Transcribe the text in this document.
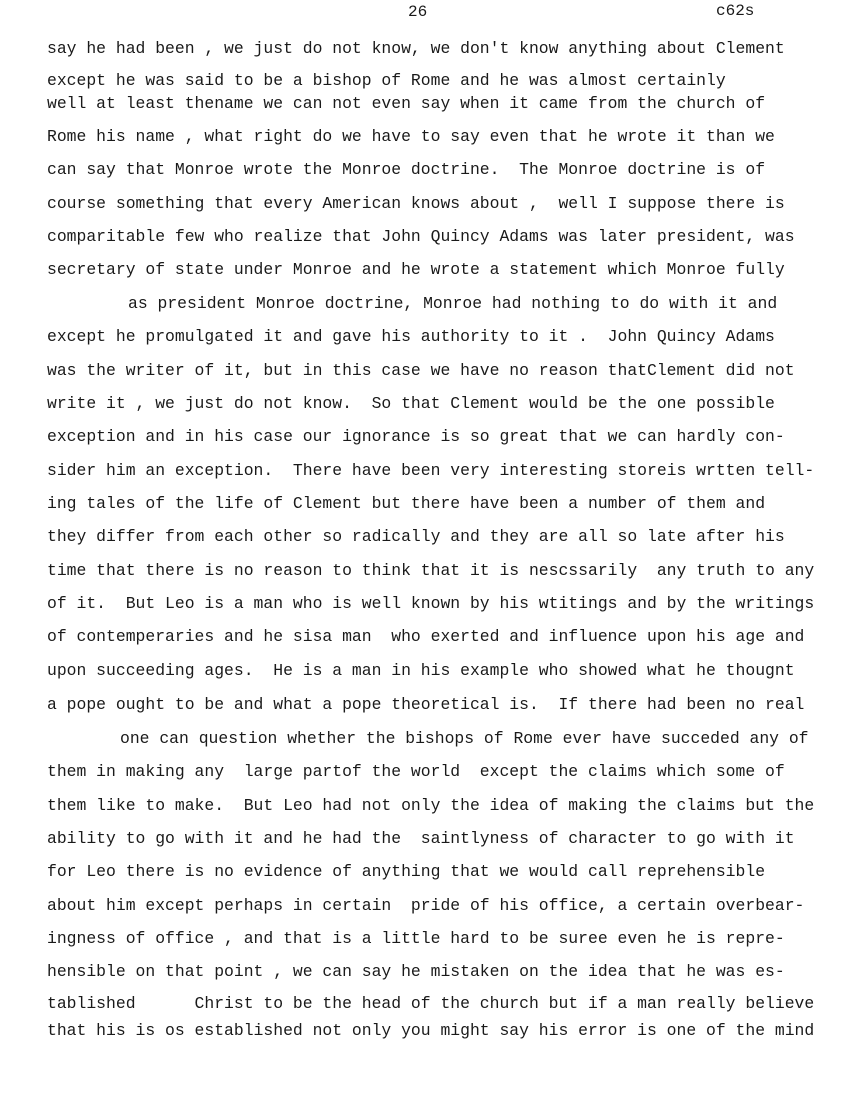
26	c62s
say he had been , we just do not know, we don't know anything about Clement
except he was said to be a bishop of Rome and he was almost certainly
well at least thename we can not even say when it came from the church of
Rome his name , what right do we have to say even that he wrote it than we
can say that Monroe wrote the Monroe doctrine.  The Monroe doctrine is of
course something that every American knows about ,  well I suppose there is
comparitable few who realize that John Quincy Adams was later president, was
secretary of state under Monroe and he wrote a statement which Monroe fully
as president Monroe doctrine, Monroe had nothing to do with it and
except he promulgated it and gave his authority to it .  John Quincy Adams
was the writer of it, but in this case we have no reason thatClement did not
write it , we just do not know.  So that Clement would be the one possible
exception and in his case our ignorance is so great that we can hardly con-
sider him an exception.  There have been very interesting storeis wrtten tell-
ing tales of the life of Clement but there have been a number of them and
they differ from each other so radically and they are all so late after his
time that there is no reason to think that it is nescssarily  any truth to any
of it.  But Leo is a man who is well known by his wtitings and by the writings
of contemperaries and he sisa man  who exerted and influence upon his age and
upon succeeding ages.  He is a man in his example who showed what he thougnt
a pope ought to be and what a pope theoretical is.  If there had been no real
one can question whether the bishops of Rome ever have succeded any of
them in making any  large partof the world  except the claims which some of
them like to make.  But Leo had not only the idea of making the claims but the
ability to go with it and he had the  saintlyness of character to go with it
for Leo there is no evidence of anything that we would call reprehensible
about him except perhaps in certain  pride of his office, a certain overbear-
ingness of office , and that is a little hard to be suree even he is repre-
hensible on that point , we can say he mistaken on the idea that he was es-
tablished      Christ to be the head of the church but if a man really believe
that his is os established not only you might say his error is one of the mind
